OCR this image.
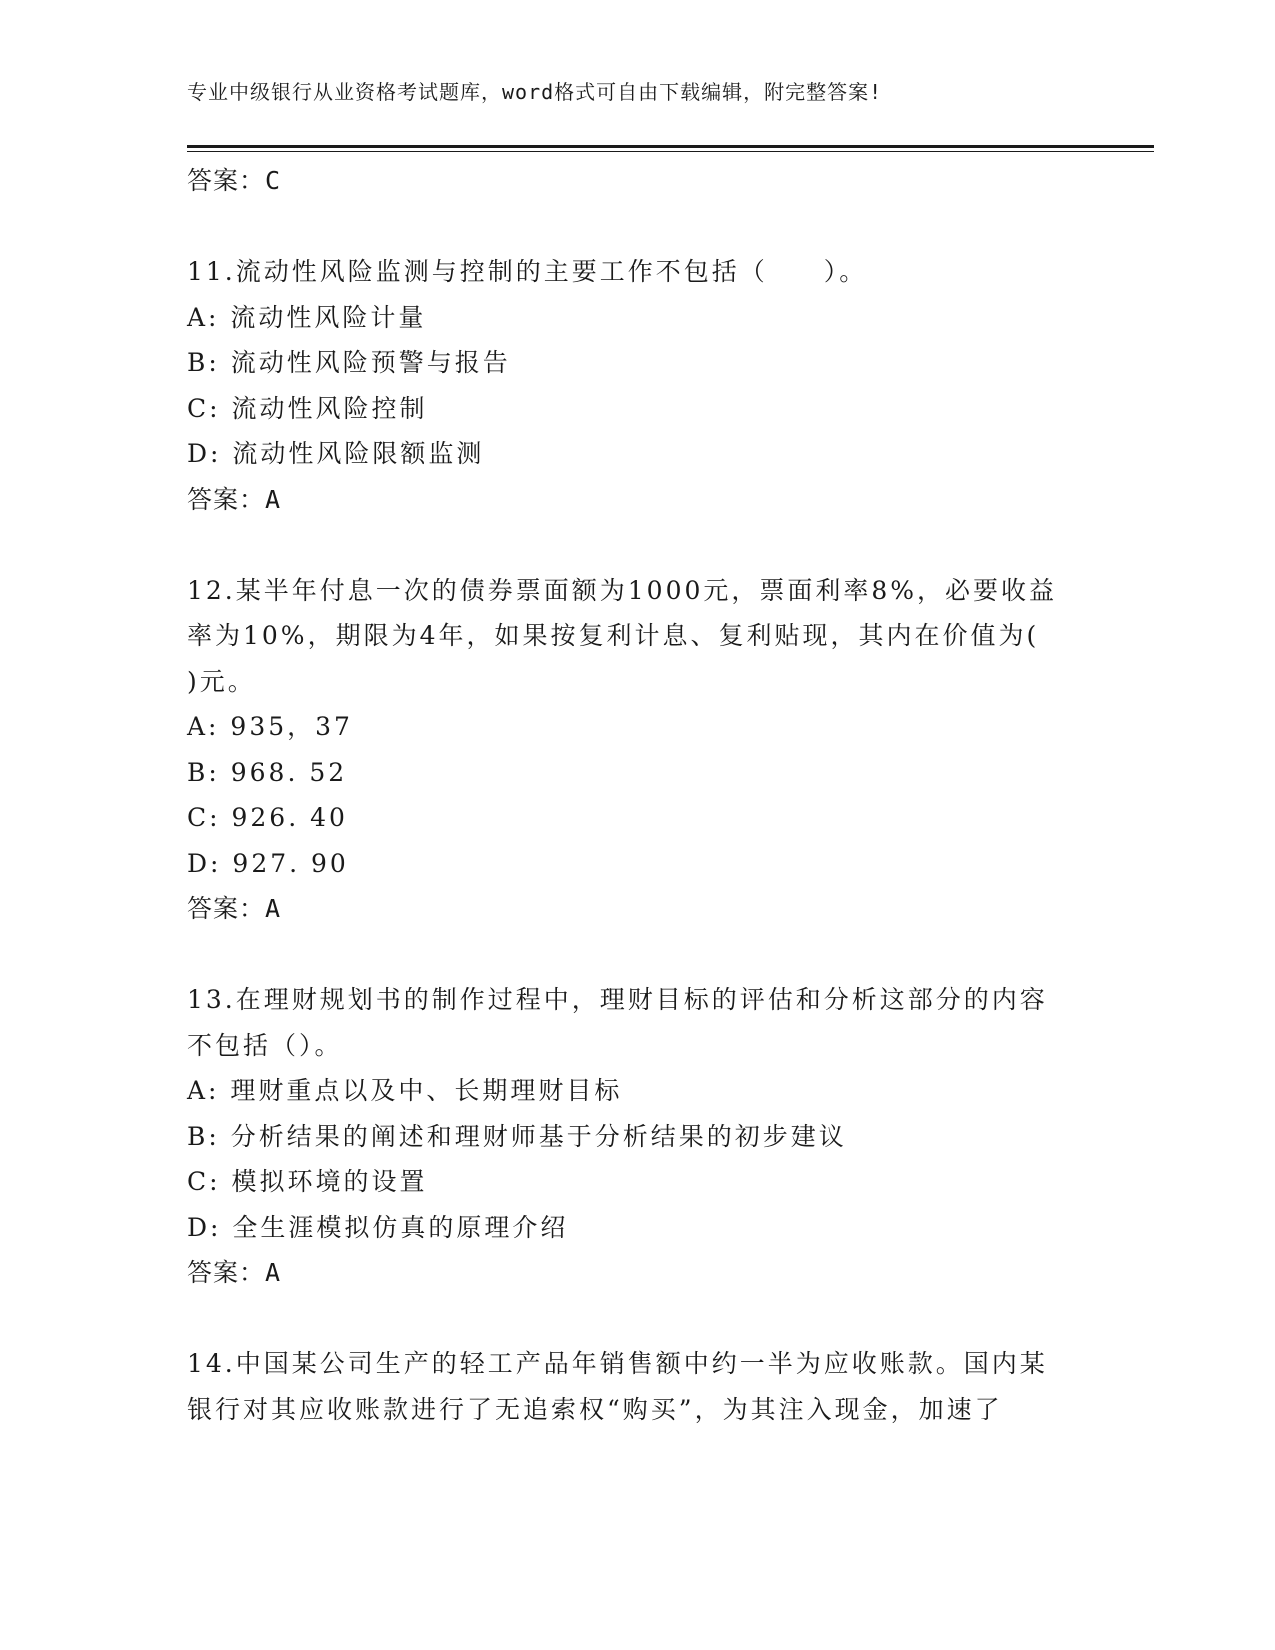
专业中级银行从业资格考试题库，word格式可自由下载编辑，附完整答案!
答案：C
11.流动性风险监测与控制的主要工作不包括（　　）。
A: 流动性风险计量
B: 流动性风险预警与报告
C: 流动性风险控制
D: 流动性风险限额监测
答案：A
12.某半年付息一次的债券票面额为1000元，票面利率8%，必要收益
率为10%，期限为4年，如果按复利计息、复利贴现，其内在价值为(
)元。
A: 935，37
B: 968. 52
C: 926. 40
D: 927. 90
答案：A
13.在理财规划书的制作过程中，理财目标的评估和分析这部分的内容
不包括（）。
A: 理财重点以及中、长期理财目标
B: 分析结果的阐述和理财师基于分析结果的初步建议
C: 模拟环境的设置
D: 全生涯模拟仿真的原理介绍
答案：A
14.中国某公司生产的轻工产品年销售额中约一半为应收账款。国内某
银行对其应收账款进行了无追索权“购买”，为其注入现金，加速了
